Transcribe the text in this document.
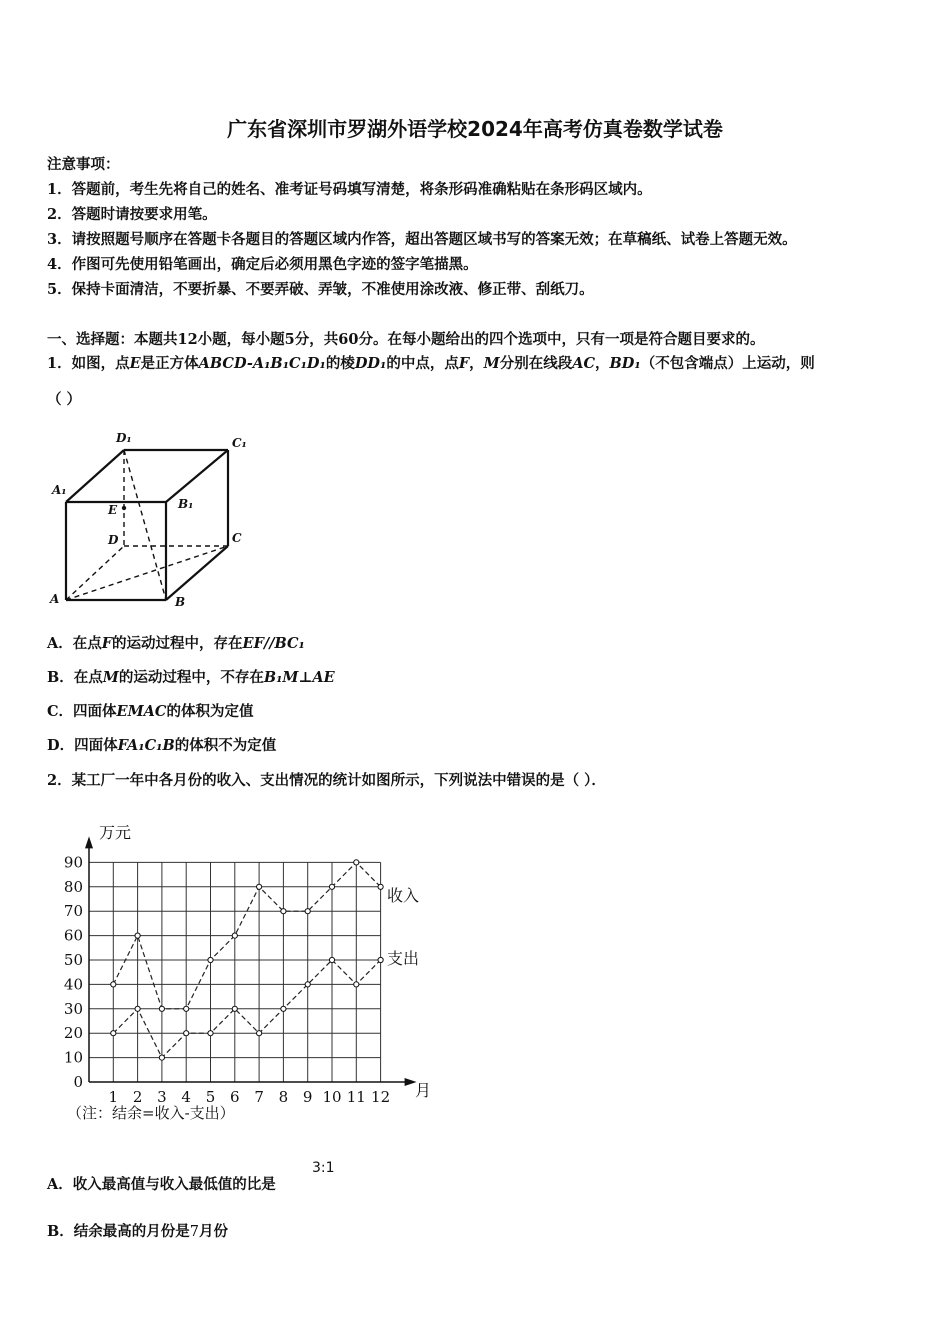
广东省深圳市罗湖外语学校2024年高考仿真卷数学试卷
注意事项：
1．答题前，考生先将自己的姓名、准考证号码填写清楚，将条形码准确粘贴在条形码区域内。
2．答题时请按要求用笔。
3．请按照题号顺序在答题卡各题目的答题区域内作答，超出答题区域书写的答案无效；在草稿纸、试卷上答题无效。
4．作图可先使用铅笔画出，确定后必须用黑色字迹的签字笔描黑。
5．保持卡面清洁，不要折暴、不要弄破、弄皱，不准使用涂改液、修正带、刮纸刀。
一、选择题：本题共12小题，每小题5分，共60分。在每小题给出的四个选项中，只有一项是符合题目要求的。
1．如图，点E是正方体ABCD-A₁B₁C₁D₁的棱DD₁的中点，点F，M分别在线段AC，BD₁（不包含端点）上运动，则
（ ）
D₁	C₁
A₁
B₁
E
D	C
A	B
A．在点F的运动过程中，存在EF//BC₁
B．在点M的运动过程中，不存在B₁M⊥AE
C．四面体EMAC的体积为定值
D．四面体FA₁C₁B的体积不为定值
2．某工厂一年中各月份的收入、支出情况的统计如图所示，下列说法中错误的是（ ）．
0
10
20
30
40
50
60
70
80
90
1 2 3 4 5 6 7 8 9 10 11 12
万元
月
（注：结余=收入-支出）
收入
支出
A．收入最高值与收入最低值的比是
3:1
B．结余最高的月份是7月份
